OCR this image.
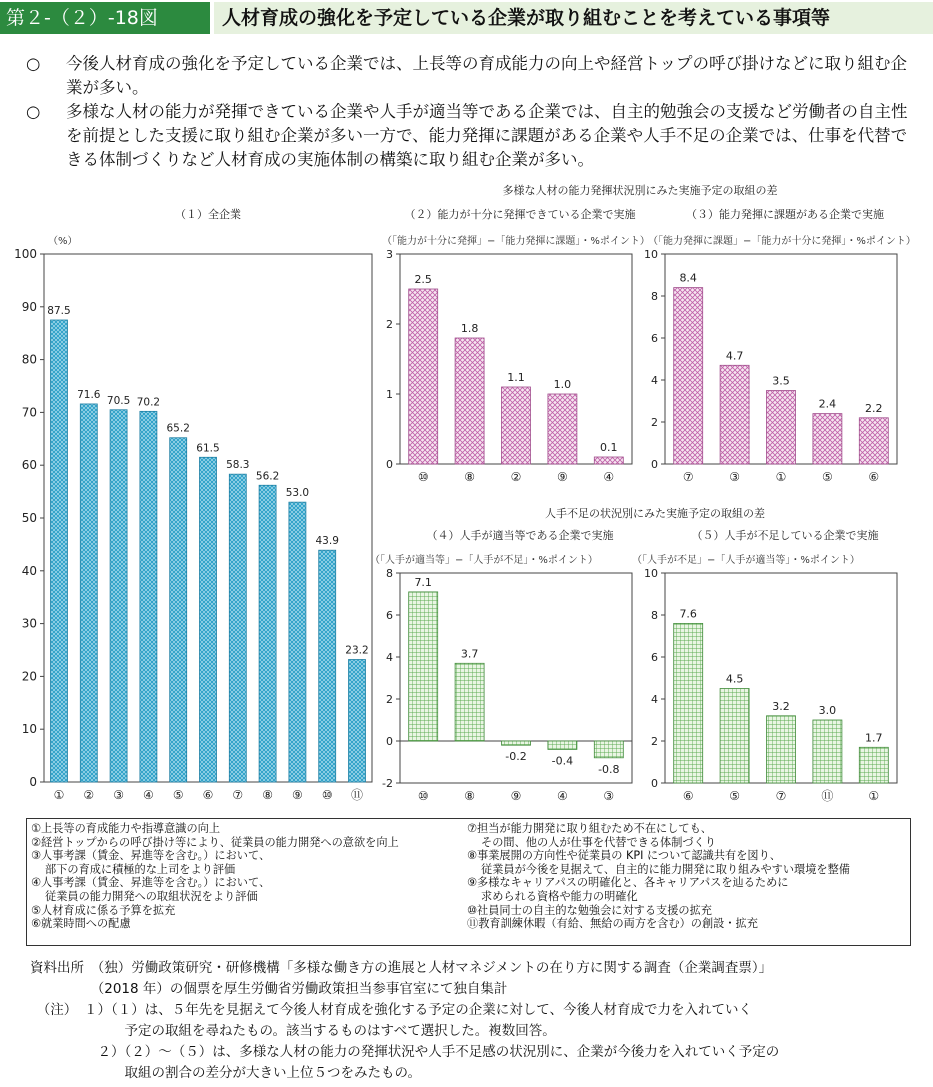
第２-（２）-18図	人材育成の強化を予定している企業が取り組むことを考えている事項等
○	今後人材育成の強化を予定している企業では、上長等の育成能力の向上や経営トップの呼び掛けなどに取り組む企業が多い。
○	多様な人材の能力が発揮できている企業や人手が適当等である企業では、自主的勉強会の支援など労働者の自主性を前提とした支援に取り組む企業が多い一方で、能力発揮に課題がある企業や人手不足の企業では、仕事を代替できる体制づくりなど人材育成の実施体制の構築に取り組む企業が多い。
多様な人材の能力発揮状況別にみた実施予定の取組の差
人手不足の状況別にみた実施予定の取組の差
（１）全企業
（%）
0
10
20
30
40
50
60
70
80
90
100
87.5
①
71.6
②
70.5
③
70.2
④
65.2
⑤
61.5
⑥
58.3
⑦
56.2
⑧
53.0
⑨
43.9
⑩
23.2
⑪
（２）能力が十分に発揮できている企業で実施
（「能力が十分に発揮」−「能力発揮に課題」・%ポイント）
0
1
2
3
2.5
⑩
1.8
⑧
1.1
②
1.0
⑨
0.1
④
（３）能力発揮に課題がある企業で実施
（「能力発揮に課題」−「能力が十分に発揮」・%ポイント）
0
2
4
6
8
10
8.4
⑦
4.7
③
3.5
①
2.4
⑤
2.2
⑥
（４）人手が適当等である企業で実施
（「人手が適当等」−「人手が不足」・%ポイント）
-2
0
2
4
6
8
7.1
⑩
3.7
⑧
-0.2
⑨
-0.4
④
-0.8
③
（５）人手が不足している企業で実施
（「人手が不足」−「人手が適当等」・%ポイント）
0
2
4
6
8
10
7.6
⑥
4.5
⑤
3.2
⑦
3.0
⑪
1.7
①
①上長等の育成能力や指導意識の向上
②経営トップからの呼び掛け等により、従業員の能力開発への意欲を向上
③人事考課（賃金、昇進等を含む。）において、
部下の育成に積極的な上司をより評価
④人事考課（賃金、昇進等を含む。）において、
従業員の能力開発への取組状況をより評価
⑤人材育成に係る予算を拡充
⑥就業時間への配慮
⑦担当が能力開発に取り組むため不在にしても、
その間、他の人が仕事を代替できる体制づくり
⑧事業展開の方向性や従業員の KPI について認識共有を図り、
従業員が今後を見据えて、自主的に能力開発に取り組みやすい環境を整備
⑨多様なキャリアパスの明確化と、各キャリアパスを辿るために
求められる資格や能力の明確化
⑩社員同士の自主的な勉強会に対する支援の拡充
⑪教育訓練休暇（有給、無給の両方を含む）の創設・拡充
資料出所　（独）労働政策研究・研修機構「多様な働き方の進展と人材マネジメントの在り方に関する調査（企業調査票）」
　　　　　（2018 年）の個票を厚生労働省労働政策担当参事官室にて独自集計
　（注）　１）（１）は、５年先を見据えて今後人材育成を強化する予定の企業に対して、今後人材育成で力を入れていく
　　　　　　　予定の取組を尋ねたもの。該当するものはすべて選択した。複数回答。
　　　　　２）（２）～（５）は、多様な人材の能力の発揮状況や人手不足感の状況別に、企業が今後力を入れていく予定の
　　　　　　　取組の割合の差分が大きい上位５つをみたもの。
